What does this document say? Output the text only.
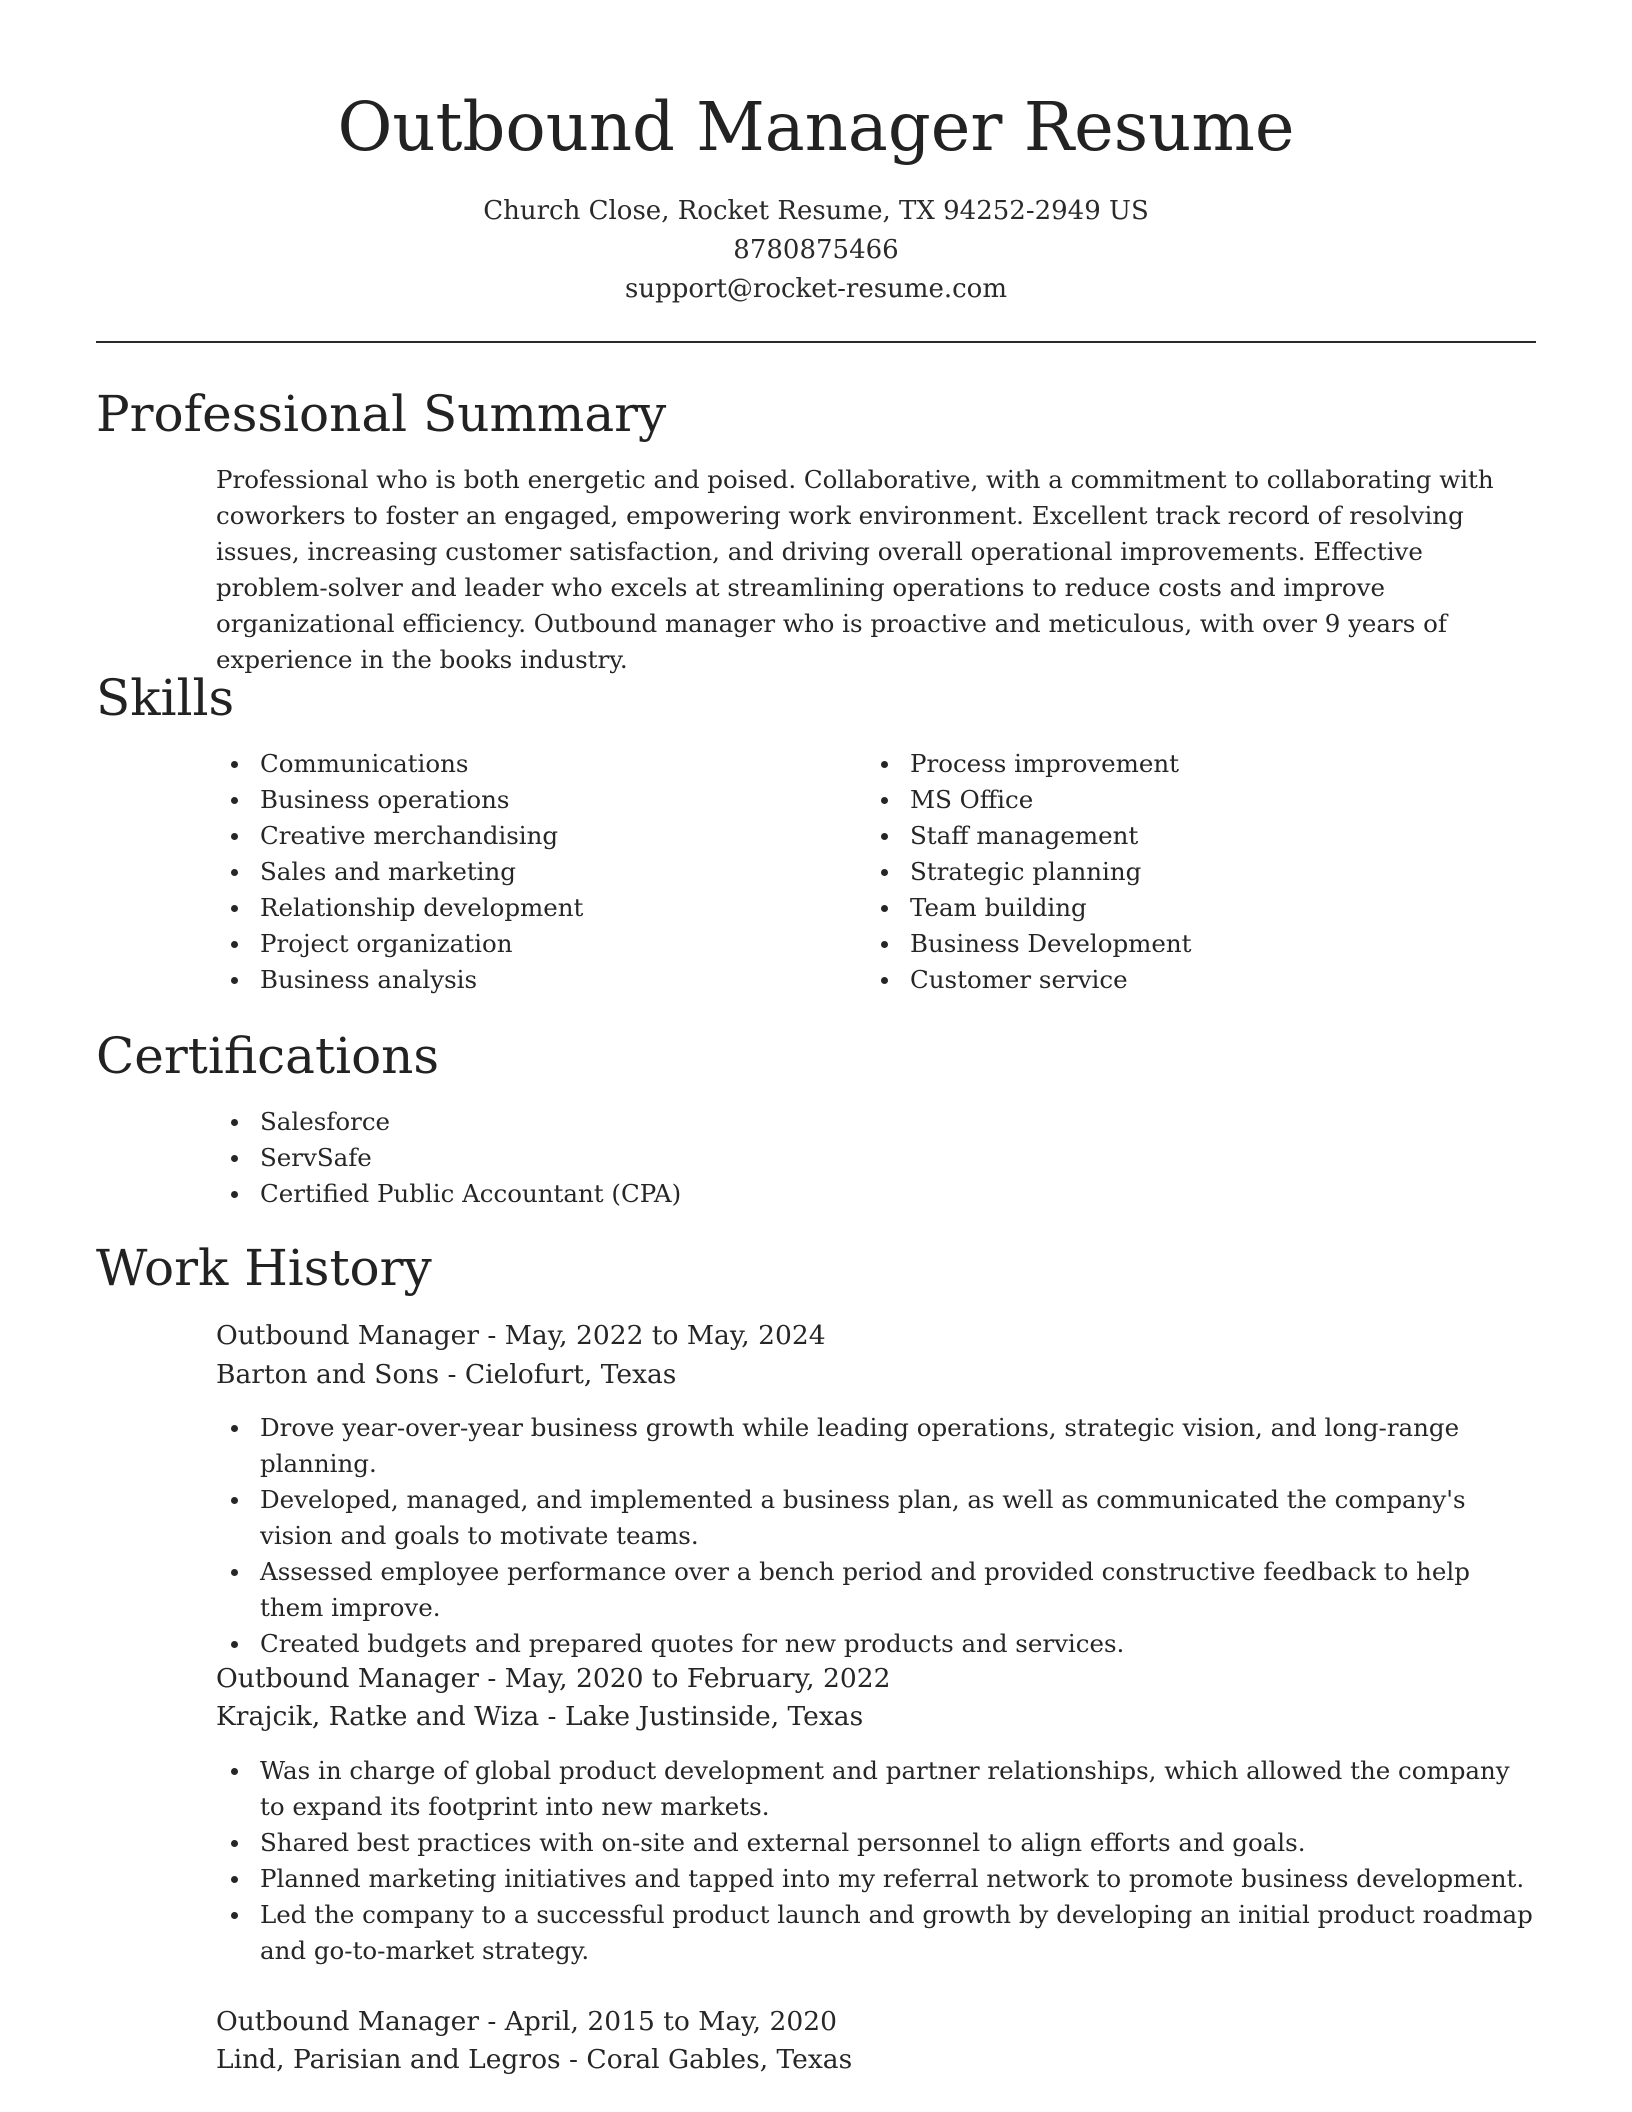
Outbound Manager Resume
Church Close, Rocket Resume, TX 94252-2949 US
8780875466
support@rocket-resume.com
Professional Summary

Professional who is both energetic and poised. Collaborative, with a commitment to collaborating with coworkers to foster an engaged, empowering work environment. Excellent track record of resolving issues, increasing customer satisfaction, and driving overall operational improvements. Effective problem-solver and leader who excels at streamlining operations to reduce costs and improve organizational efficiency. Outbound manager who is proactive and meticulous, with over 9 years of experience in the books industry.

Skills
Communications
Business operations
Creative merchandising
Sales and marketing
Relationship development
Project organization
Business analysis
Process improvement
MS Office
Staff management
Strategic planning
Team building
Business Development
Customer service
Certifications
Salesforce
ServSafe
Certified Public Accountant (CPA)
Work History
Outbound Manager - May, 2022 to May, 2024
Barton and Sons - Cielofurt, Texas
Drove year-over-year business growth while leading operations, strategic vision, and long-range planning.
Developed, managed, and implemented a business plan, as well as communicated the company's vision and goals to motivate teams.
Assessed employee performance over a bench period and provided constructive feedback to help them improve.
Created budgets and prepared quotes for new products and services.
Outbound Manager - May, 2020 to February, 2022
Krajcik, Ratke and Wiza - Lake Justinside, Texas
Was in charge of global product development and partner relationships, which allowed the company to expand its footprint into new markets.
Shared best practices with on-site and external personnel to align efforts and goals.
Planned marketing initiatives and tapped into my referral network to promote business development.
Led the company to a successful product launch and growth by developing an initial product roadmap and go-to-market strategy.
Outbound Manager - April, 2015 to May, 2020
Lind, Parisian and Legros - Coral Gables, Texas
